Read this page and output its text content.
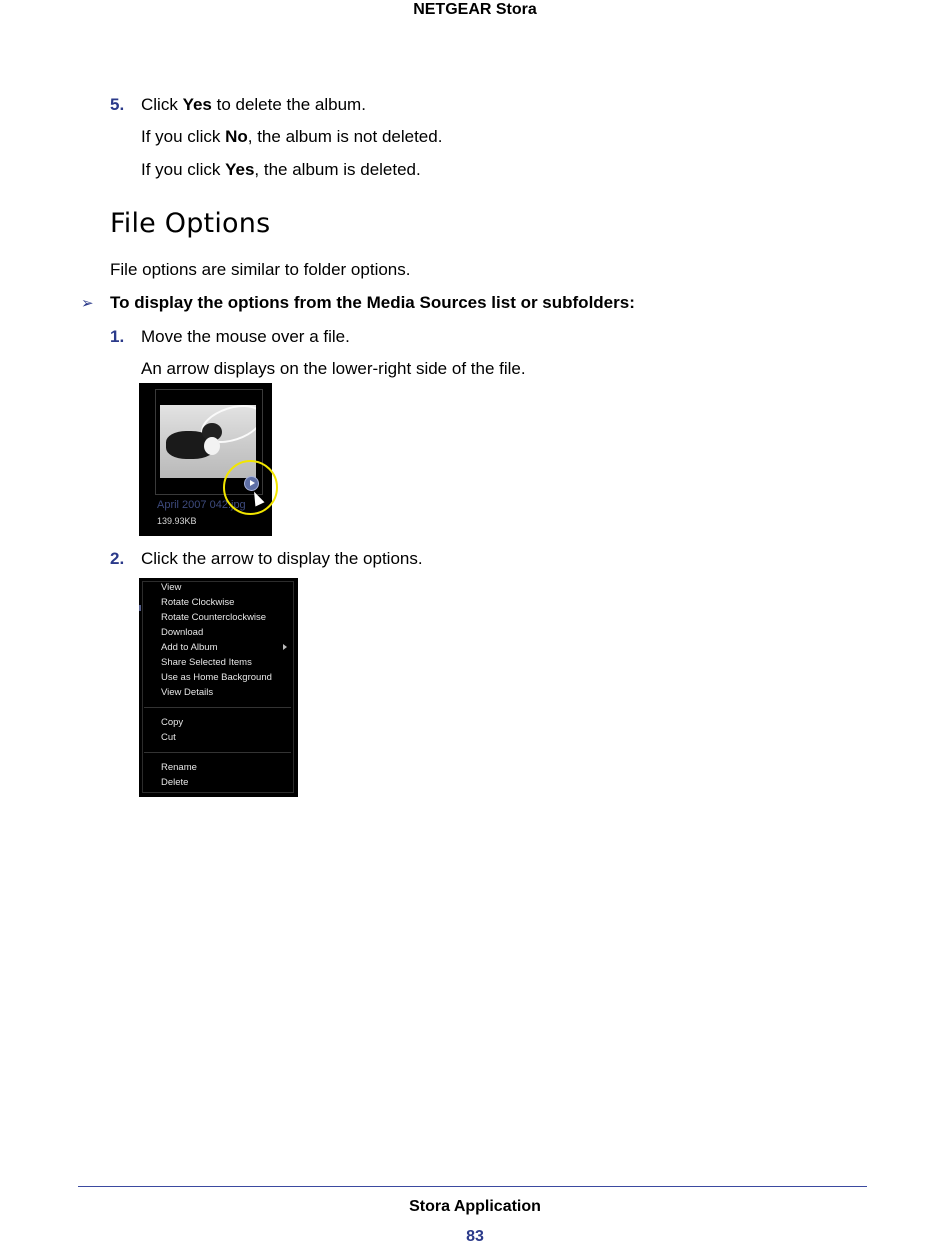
NETGEAR Stora
5. Click Yes to delete the album.
If you click No, the album is not deleted.
If you click Yes, the album is deleted.
File Options
File options are similar to folder options.
➢ To display the options from the Media Sources list or subfolders:
1. Move the mouse over a file.
An arrow displays on the lower-right side of the file.
April 2007 042.jpg
139.93KB
2. Click the arrow to display the options.
View
Rotate Clockwise
Rotate Counterclockwise
Download
Add to Album
Share Selected Items
Use as Home Background
View Details
Copy
Cut
Rename
Delete
Stora Application
83
